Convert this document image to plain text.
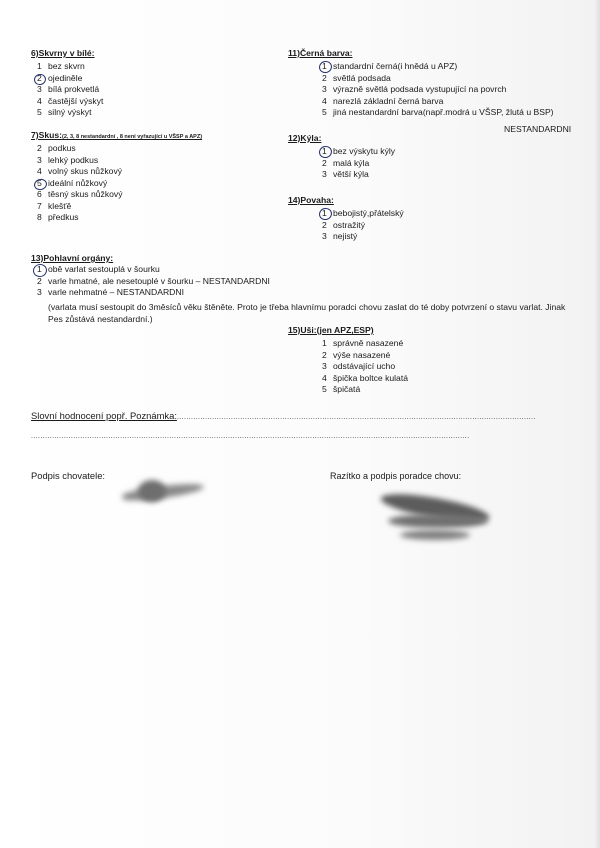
6)Skvrny v bílé:
1 bez skvrn
2 ojediněle
3 bílá prokvetlá
4 častější výskyt
5 silný výskyt
7)Skus:(2, 3, 8 nestandardní , 8 není vyřazující u VŠSP a APZ)
2 podkus
3 lehký podkus
4 volný skus nůžkový
5 ideální nůžkový
6 těsný skus nůžkový
7 klešťě
8 předkus
11)Černá barva:
1 standardní černá(i hnědá u APZ)
2 světlá podsada
3 výrazně světlá podsada vystupující na povrch
4 narezlá základní černá barva
5 jiná nestandardní barva(např.modrá u VŠSP, žlutá u BSP)
NESTANDARDNI
12)Kýla:
1 bez výskytu kýly
2 malá kýla
3 větší kýla
14)Povaha:
1 bebojistý,přátelský
2 ostražitý
3 nejistý
13)Pohlavní orgány:
1 obě varlat sestouplá v šourku
2 varle hmatné, ale nesetouplé v šourku – NESTANDARDNI
3 varle nehmatné – NESTANDARDNI
(varlata musí sestoupit do 3měsíců věku štěněte. Proto je třeba hlavnímu poradci chovu zaslat do té doby potvrzení o stavu varlat. Jinak
Pes zůstává nestandardní.)
15)Uši:(jen APZ,ESP)
1 správně nasazené
2 výše nasazené
3 odstávající ucho
4 špička boltce kulatá
5 špičatá
Slovní hodnocení popř. Poznámka:.........................................................................................................................................................
...........................................................................................................................................................................................
Podpis chovatele:	Razítko a podpis poradce chovu:
